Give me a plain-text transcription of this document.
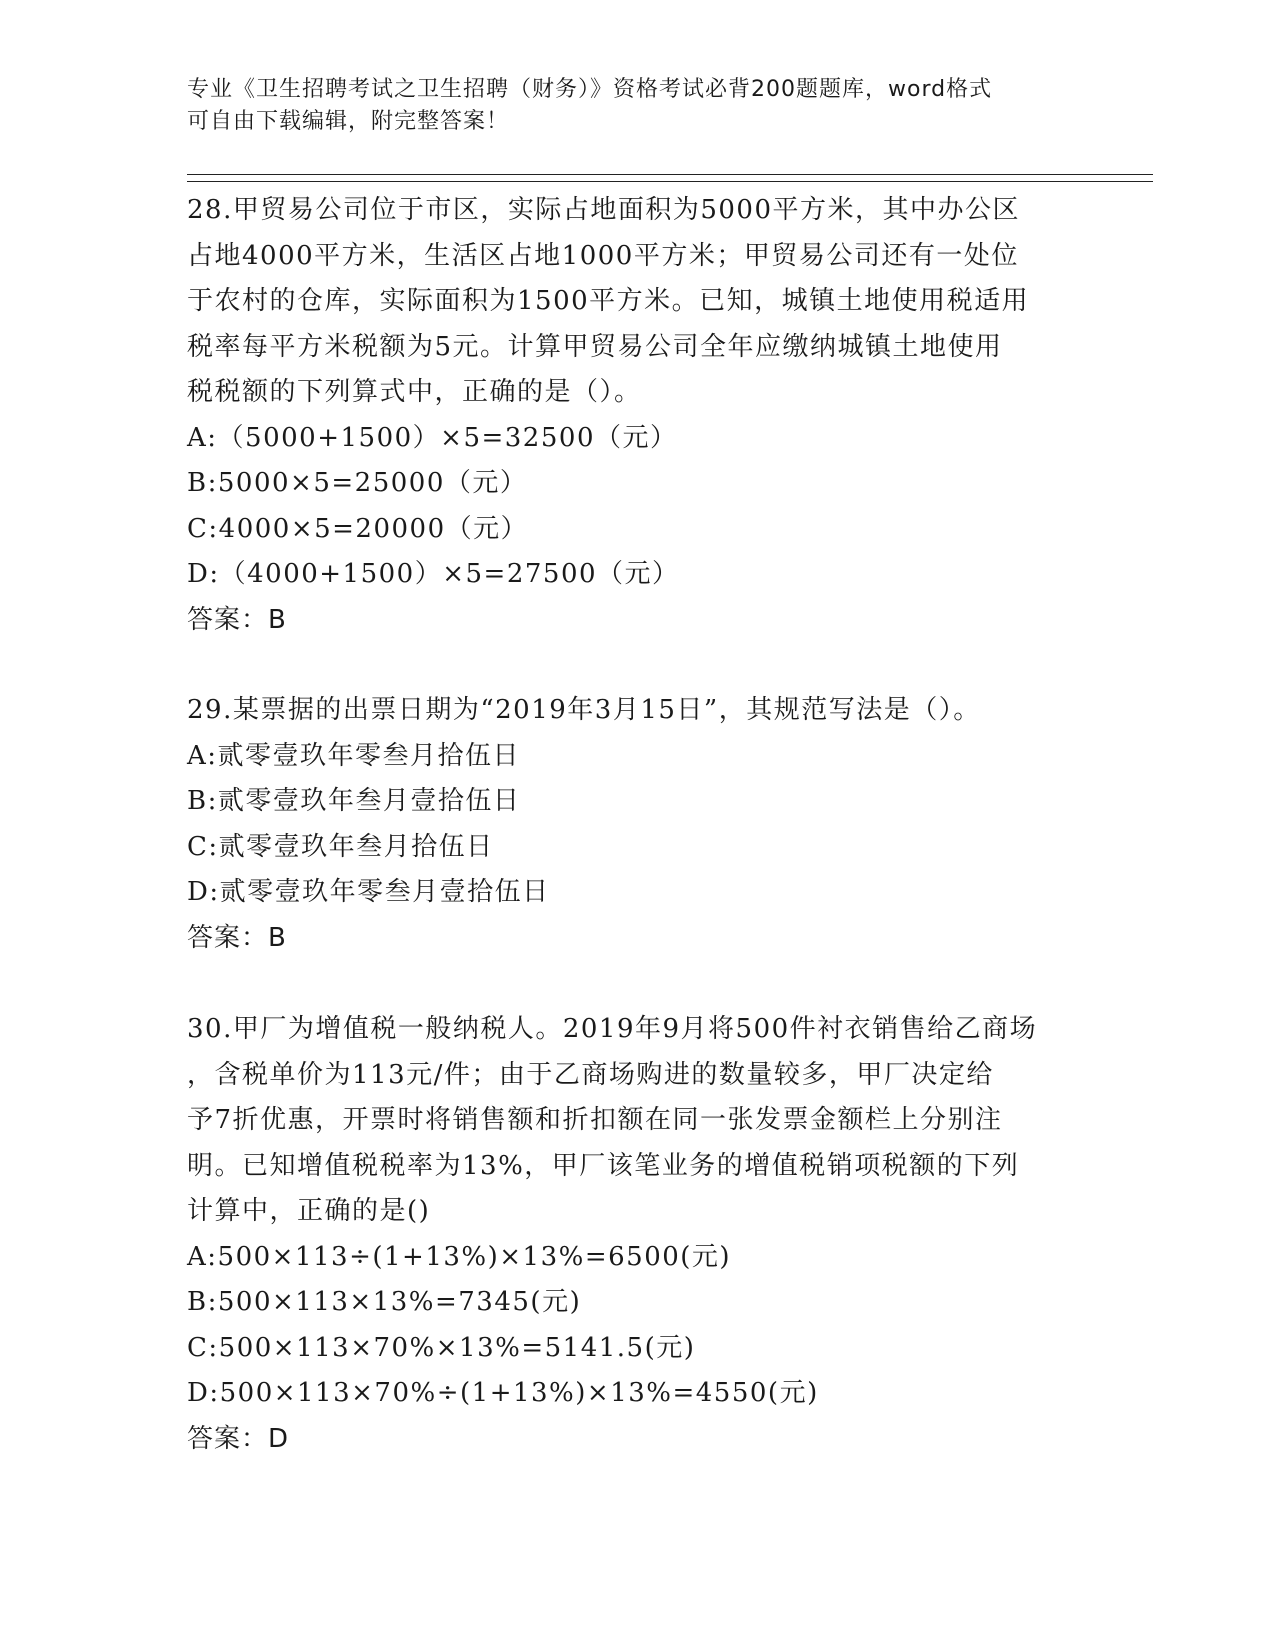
专业《卫生招聘考试之卫生招聘（财务）》资格考试必背200题题库，word格式
可自由下载编辑，附完整答案！

28.甲贸易公司位于市区，实际占地面积为5000平方米，其中办公区

占地4000平方米，生活区占地1000平方米；甲贸易公司还有一处位

于农村的仓库，实际面积为1500平方米。已知，城镇土地使用税适用

税率每平方米税额为5元。计算甲贸易公司全年应缴纳城镇土地使用

税税额的下列算式中，正确的是（）。

A:（5000+1500）×5=32500（元）

B:5000×5=25000（元）

C:4000×5=20000（元）

D:（4000+1500）×5=27500（元）

答案：B

29.某票据的出票日期为“2019年3月15日”，其规范写法是（）。

A:贰零壹玖年零叁月拾伍日

B:贰零壹玖年叁月壹拾伍日

C:贰零壹玖年叁月拾伍日

D:贰零壹玖年零叁月壹拾伍日

答案：B

30.甲厂为增值税一般纳税人。2019年9月将500件衬衣销售给乙商场

，含税单价为113元/件；由于乙商场购进的数量较多，甲厂决定给

予7折优惠，开票时将销售额和折扣额在同一张发票金额栏上分别注

明。已知增值税税率为13%，甲厂该笔业务的增值税销项税额的下列

计算中，正确的是()

A:500×113÷(1+13%)×13%=6500(元)

B:500×113×13%=7345(元)

C:500×113×70%×13%=5141.5(元)

D:500×113×70%÷(1+13%)×13%=4550(元)

答案：D
